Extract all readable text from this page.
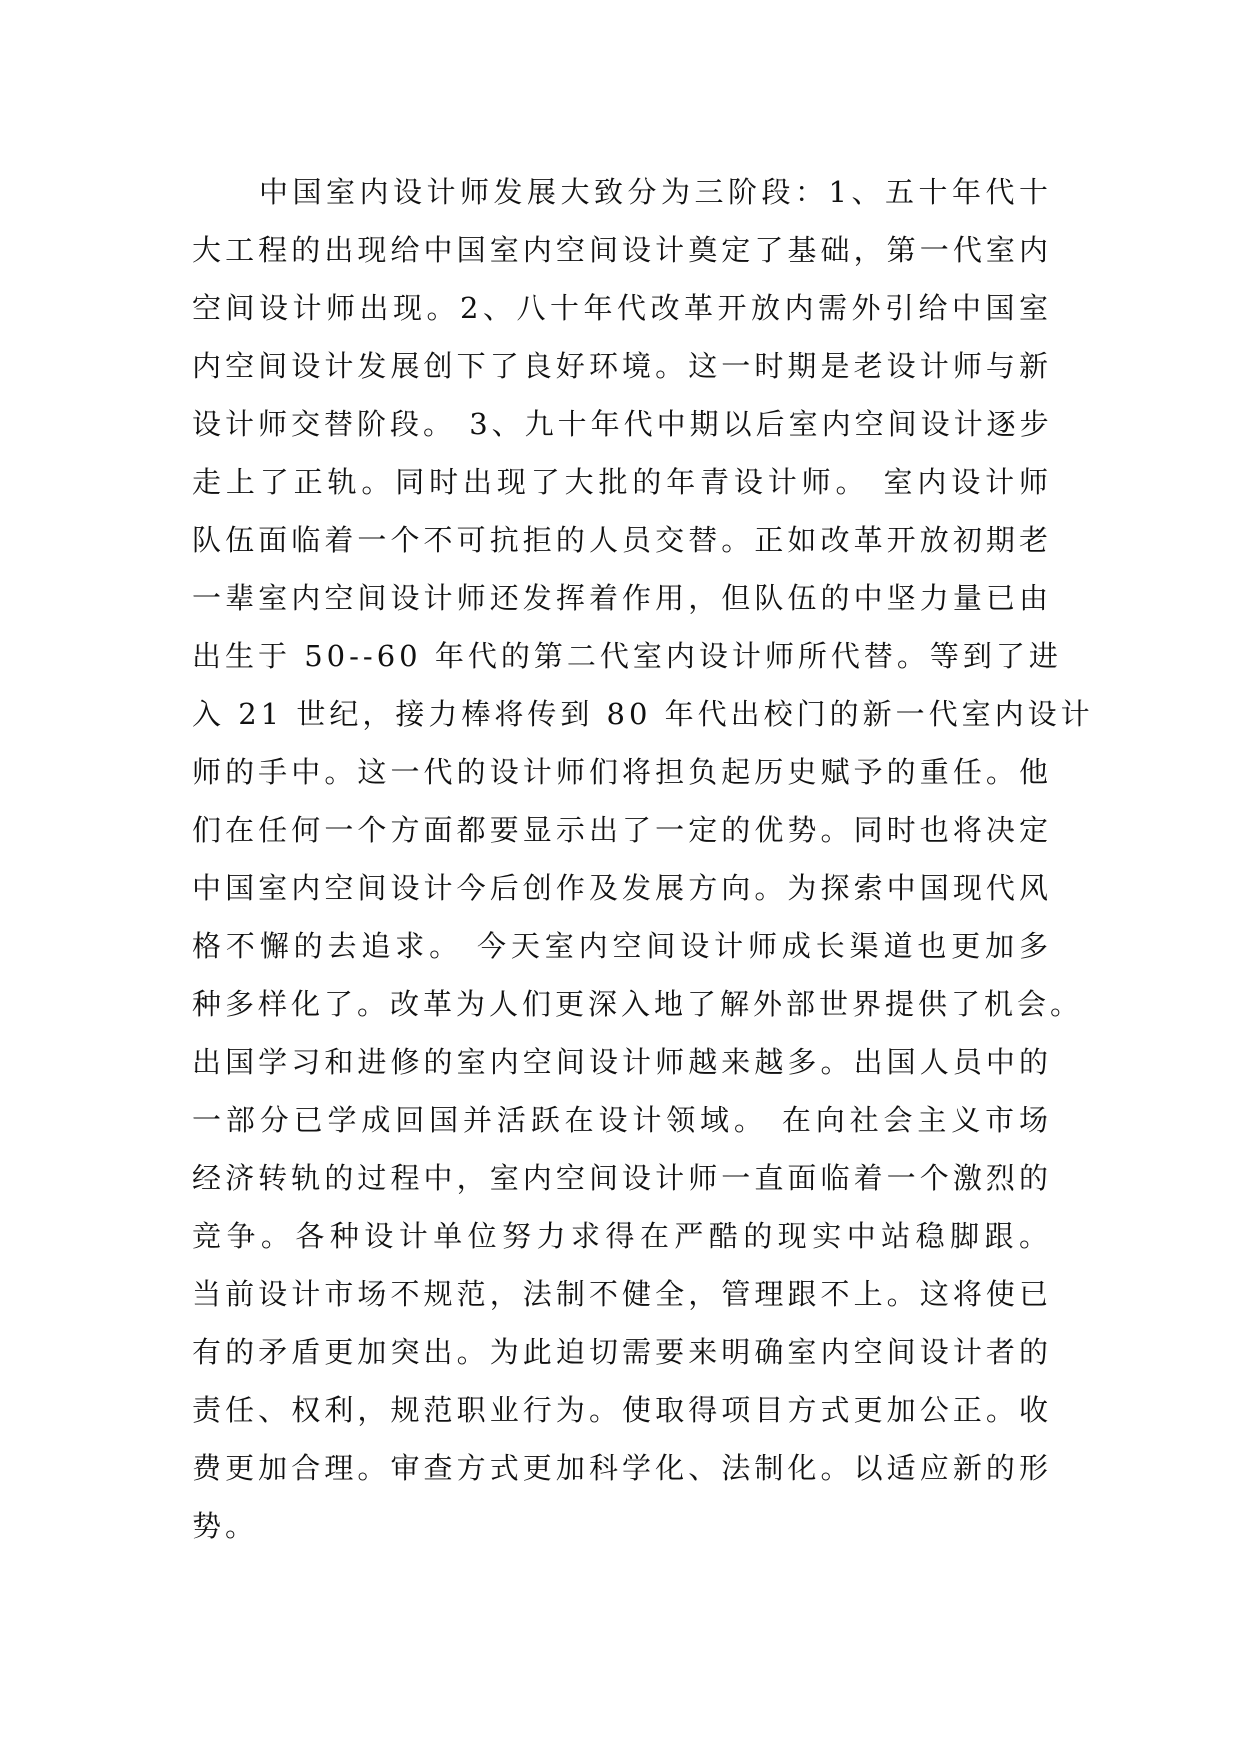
　　中国室内设计师发展大致分为三阶段：1、五十年代十
大工程的出现给中国室内空间设计奠定了基础，第一代室内
空间设计师出现。2、八十年代改革开放内需外引给中国室
内空间设计发展创下了良好环境。这一时期是老设计师与新
设计师交替阶段。 3、九十年代中期以后室内空间设计逐步
走上了正轨。同时出现了大批的年青设计师。 室内设计师
队伍面临着一个不可抗拒的人员交替。正如改革开放初期老
一辈室内空间设计师还发挥着作用，但队伍的中坚力量已由
出生于 50--60 年代的第二代室内设计师所代替。等到了进
入 21 世纪，接力棒将传到 80 年代出校门的新一代室内设计
师的手中。这一代的设计师们将担负起历史赋予的重任。他
们在任何一个方面都要显示出了一定的优势。同时也将决定
中国室内空间设计今后创作及发展方向。为探索中国现代风
格不懈的去追求。 今天室内空间设计师成长渠道也更加多
种多样化了。改革为人们更深入地了解外部世界提供了机会。
出国学习和进修的室内空间设计师越来越多。出国人员中的
一部分已学成回国并活跃在设计领域。 在向社会主义市场
经济转轨的过程中，室内空间设计师一直面临着一个激烈的
竞争。各种设计单位努力求得在严酷的现实中站稳脚跟。
当前设计市场不规范，法制不健全，管理跟不上。这将使已
有的矛盾更加突出。为此迫切需要来明确室内空间设计者的
责任、权利，规范职业行为。使取得项目方式更加公正。收
费更加合理。审查方式更加科学化、法制化。以适应新的形
势。
